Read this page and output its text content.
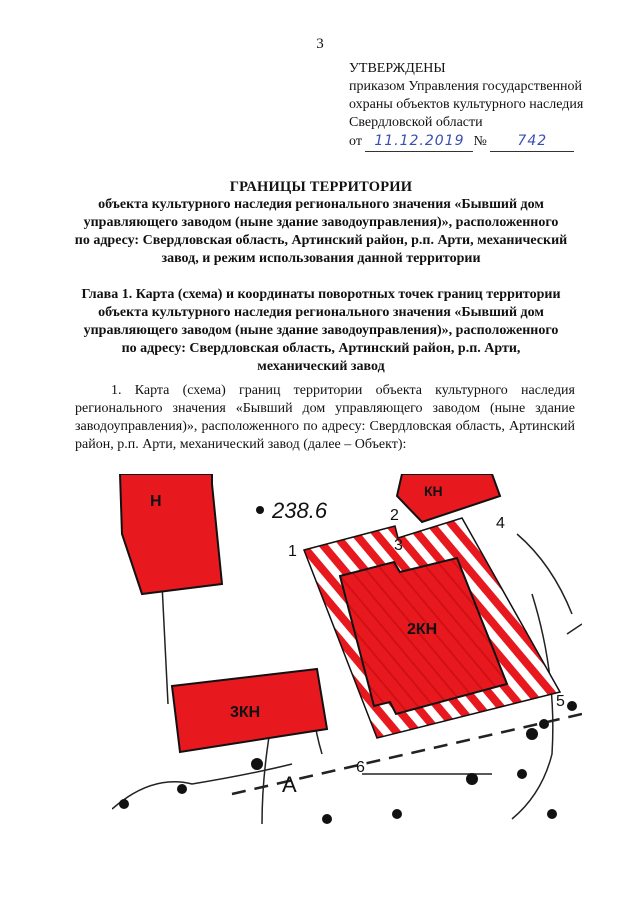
3
УТВЕРЖДЕНЫ
приказом Управления государственной
охраны объектов культурного наследия
Свердловской области
от 11.12.2019 № 742
ГРАНИЦЫ ТЕРРИТОРИИ
объекта культурного наследия регионального значения «Бывший дом
управляющего заводом (ныне здание заводоуправления)», расположенного
по адресу: Свердловская область, Артинский район, р.п. Арти, механический
завод, и режим использования данной территории
Глава 1. Карта (схема) и координаты поворотных точек границ территории
объекта культурного наследия регионального значения «Бывший дом
управляющего заводом (ныне здание заводоуправления)», расположенного
по адресу: Свердловская область, Артинский район, р.п. Арти,
механический завод
1. Карта (схема) границ территории объекта культурного наследия регионального значения «Бывший дом управляющего заводом (ныне здание заводоуправления)», расположенного по адресу: Свердловская область, Артинский район, р.п. Арти, механический завод (далее – Объект):
Н
КН
3КН
2КН
238.6
А
1
2
3
4
5
6
